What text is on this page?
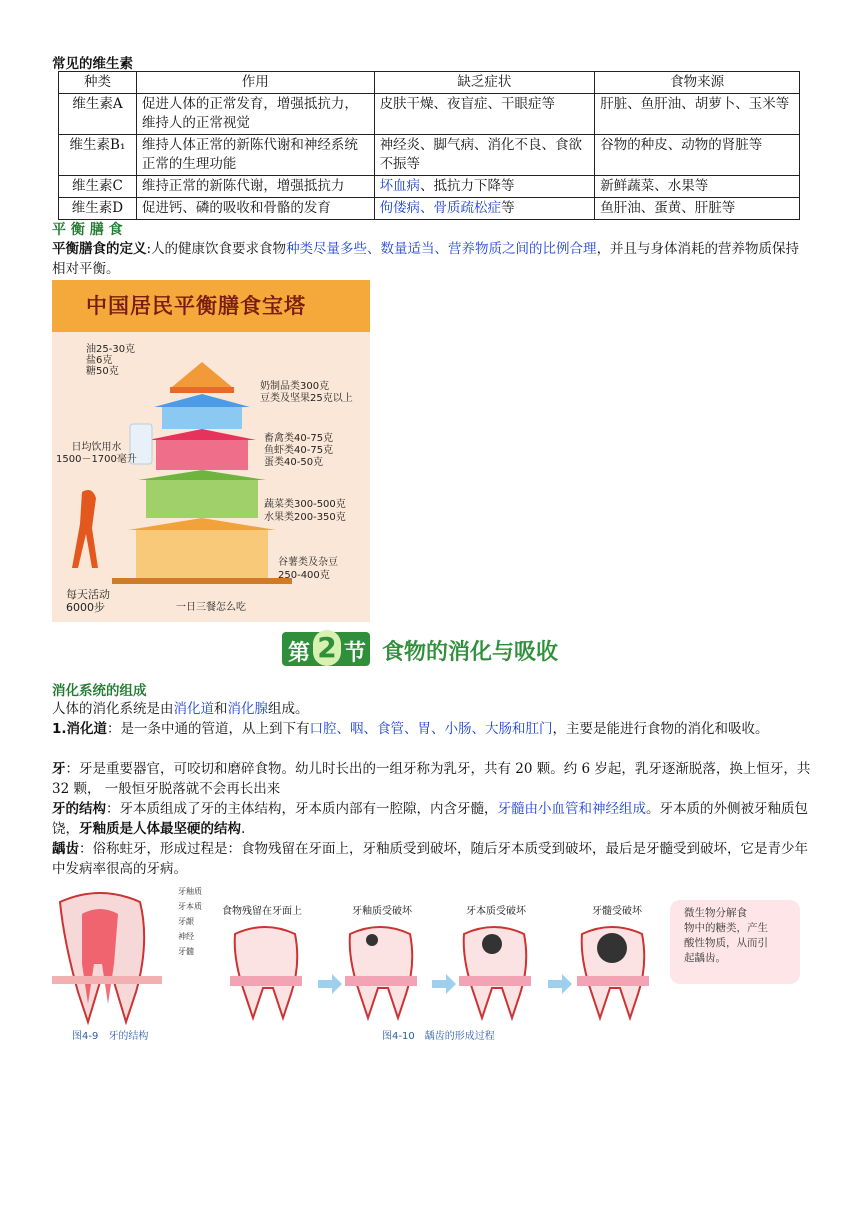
常见的维生素
种类	作用	缺乏症状	食物来源
维生素A	促进人体的正常发育，增强抵抗力，维持人的正常视觉	皮肤干燥、夜盲症、干眼症等	肝脏、鱼肝油、胡萝卜、玉米等
维生素B₁	维持人体正常的新陈代谢和神经系统正常的生理功能	神经炎、脚气病、消化不良、食欲不振等	谷物的种皮、动物的肾脏等
维生素C	维持正常的新陈代谢，增强抵抗力	坏血病、抵抗力下降等	新鲜蔬菜、水果等
维生素D	促进钙、磷的吸收和骨骼的发育	佝偻病、骨质疏松症等	鱼肝油、蛋黄、肝脏等
平 衡 膳 食

平衡膳食的定义:人的健康饮食要求食物种类尽量多些、数量适当、营养物质之间的比例合理，并且与身体消耗的营养物质保持相对平衡。

中国居民平衡膳食宝塔
油25-30克
盐6克
糖50克
奶制品类300克
豆类及坚果25克以上
畜禽类40-75克
鱼虾类40-75克
蛋类40-50克
蔬菜类300-500克
水果类200-350克
谷薯类及杂豆
250-400克
日均饮用水
1500－1700毫升
每天活动
6000步	一日三餐怎么吃
第 2 节 食物的消化与吸收
消化系统的组成

人体的消化系统是由消化道和消化腺组成。

1.消化道：是一条中通的管道，从上到下有口腔、咽、食管、胃、小肠、大肠和肛门，主要是能进行食物的消化和吸收。

牙：牙是重要器官，可咬切和磨碎食物。幼儿时长出的一组牙称为乳牙，共有 20 颗。约 6 岁起，乳牙逐渐脱落，换上恒牙，共 32 颗， 一般恒牙脱落就不会再长出来

牙的结构：牙本质组成了牙的主体结构，牙本质内部有一腔隙，内含牙髓，牙髓由小血管和神经组成。牙本质的外侧被牙釉质包饶，牙釉质是人体最坚硬的结构.

龋齿：俗称蛀牙，形成过程是：食物残留在牙面上，牙釉质受到破坏，随后牙本质受到破坏，最后是牙髓受到破坏，它是青少年中发病率很高的牙病。

牙釉质
牙本质
牙龈
神经
牙髓
食物残留在牙面上	牙釉质受破坏	牙本质受破坏	牙髓受破坏	微生物分解食
物中的糖类，产生
酸性物质，从而引
起龋齿。
图4-9　牙的结构	图4-10　龋齿的形成过程
